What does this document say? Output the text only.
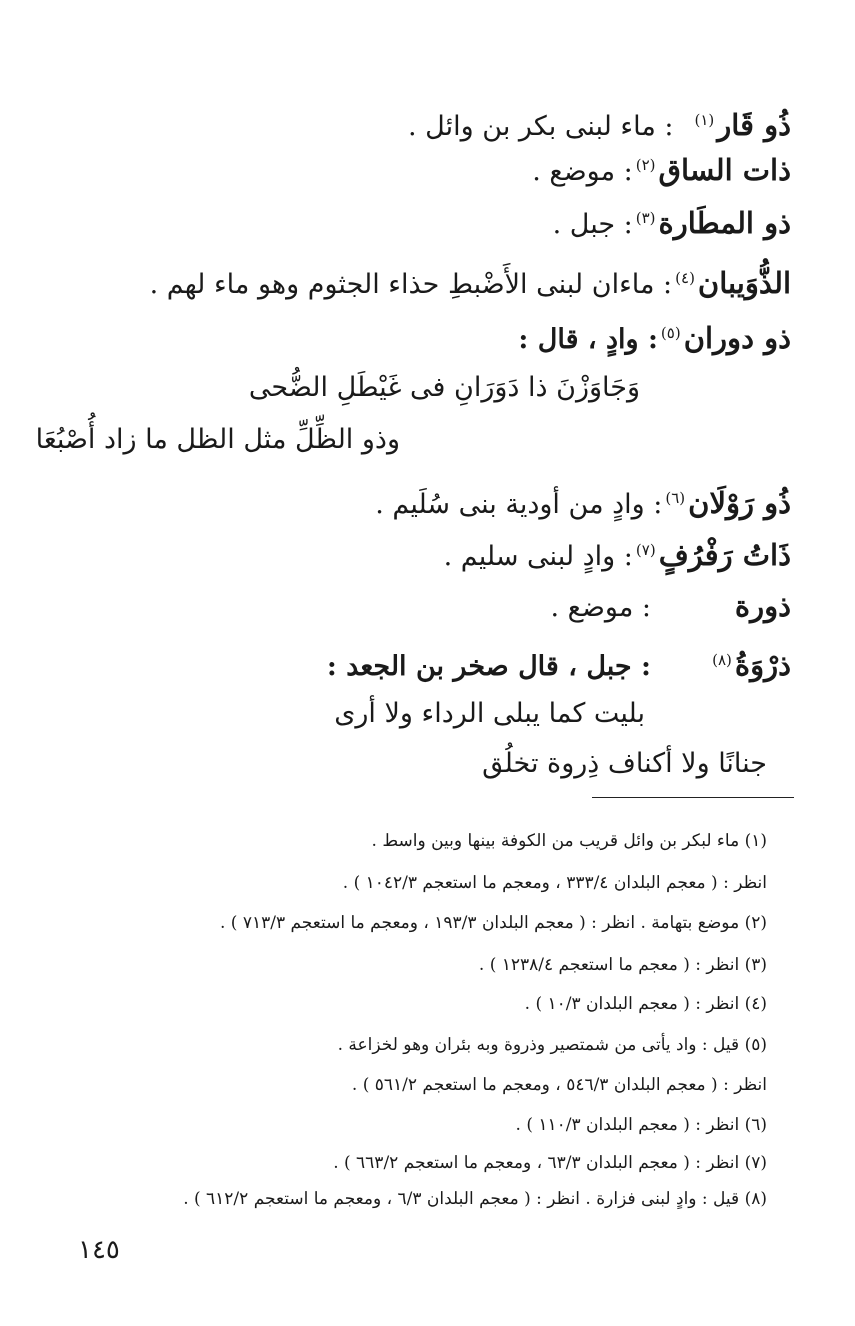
ذُو قَار$^{(١)}$: ماء لبنى بكر بن وائل .
ذات الساق$^{(٢)}$: موضع .
ذو المطَارة$^{(٣)}$: جبل .
الذُّوَيبان$^{(٤)}$: ماءان لبنى الأَضْبطِ حذاء الجثوم وهو ماء لهم .
ذو دوران$^{(٥)}$: وادٍ ، قال :
وَجَاوَزْنَ ذا دَوَرَانِ فى غَيْطَلِ الضُّحى
وذو الظِّلِّ مثل الظل ما زاد أُصْبُعَا
ذُو رَوْلَان$^{(٦)}$: وادٍ من أودية بنى سُلَيم .
ذَاتُ رَفْرُفٍ$^{(٧)}$: وادٍ لبنى سليم .
ذورة: موضع .
ذرْوَةُ$^{(٨)}$: جبل ، قال صخر بن الجعد :
بليت كما يبلى الرداء ولا أرى
جنانًا ولا أكناف ذِروة تخلُق
(١) ماء لبكر بن وائل قريب من الكوفة بينها وبين واسط .
انظر : ( معجم البلدان ٣٣٣/٤ ، ومعجم ما استعجم ١٠٤٢/٣ ) .
(٢) موضع بتهامة . انظر : ( معجم البلدان ١٩٣/٣ ، ومعجم ما استعجم ٧١٣/٣ ) .
(٣) انظر : ( معجم ما استعجم ١٢٣٨/٤ ) .
(٤) انظر : ( معجم البلدان ١٠/٣ ) .
(٥) قيل : واد يأتى من شمتصير وذروة وبه بئران وهو لخزاعة .
انظر : ( معجم البلدان ٥٤٦/٣ ، ومعجم ما استعجم ٥٦١/٢ ) .
(٦) انظر : ( معجم البلدان ١١٠/٣ ) .
(٧) انظر : ( معجم البلدان ٦٣/٣ ، ومعجم ما استعجم ٦٦٣/٢ ) .
(٨) قيل : وادٍ لبنى فزارة . انظر : ( معجم البلدان ٦/٣ ، ومعجم ما استعجم ٦١٢/٢ ) .
١٤٥
